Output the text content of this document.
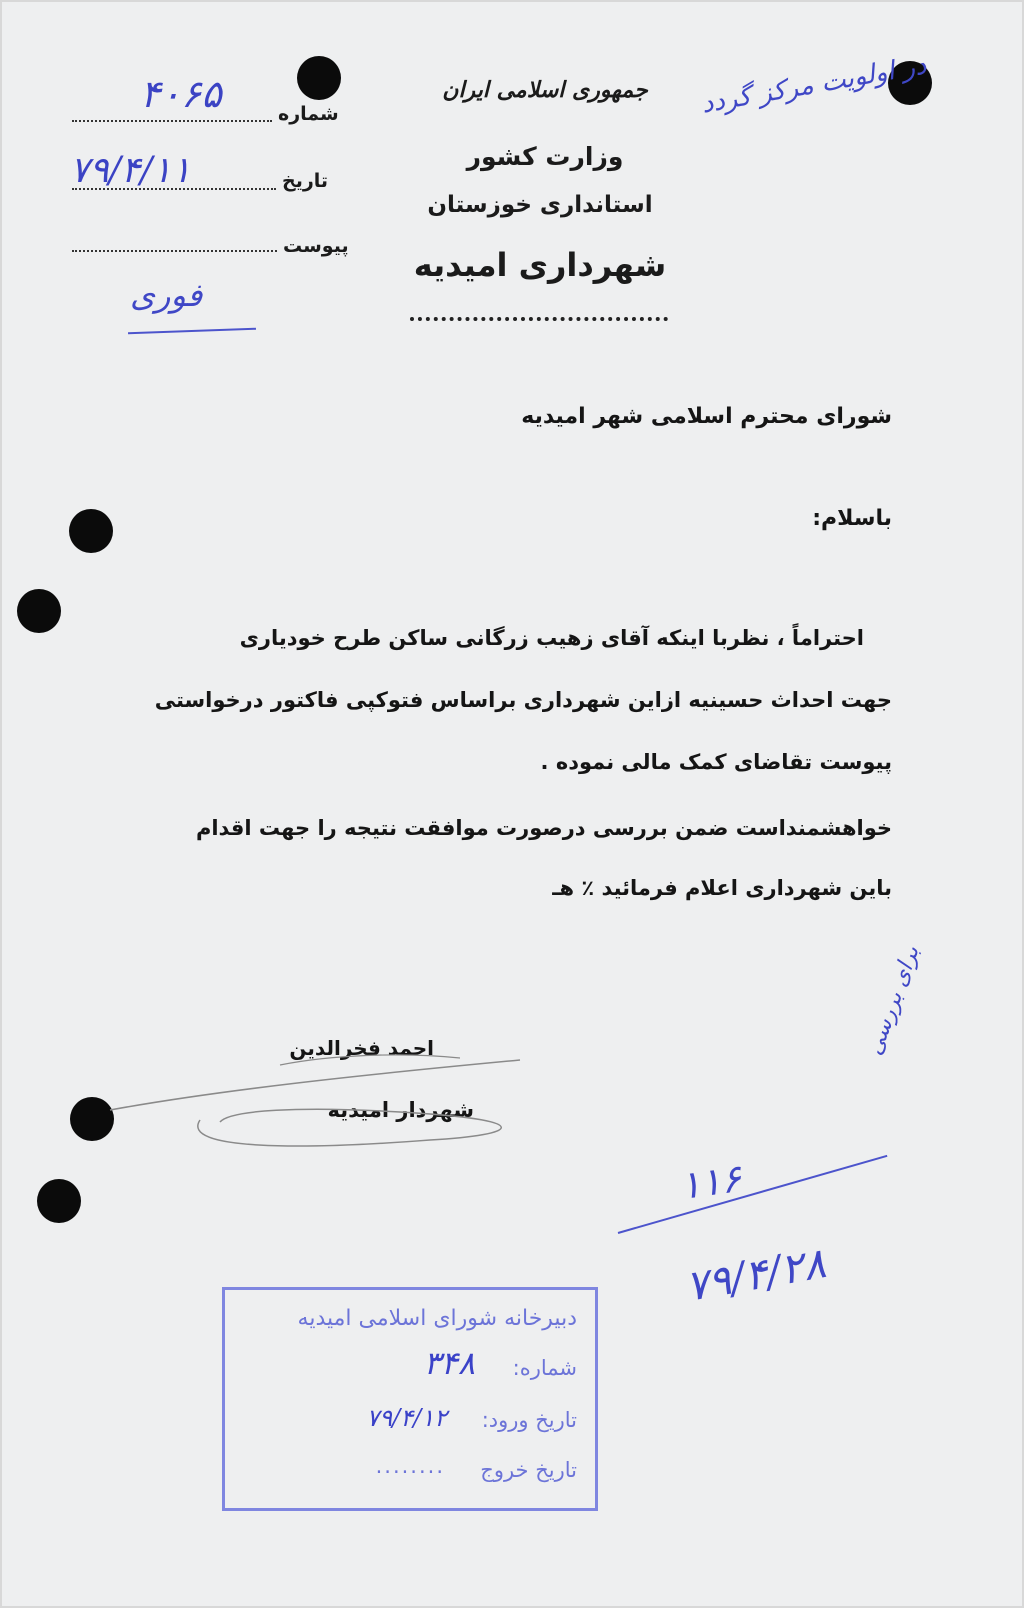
جمهوری اسلامی ایران
وزارت کشور
استانداری خوزستان
شهرداری امیدیه
شماره
۴۰۶۵
تاریخ
۷۹/۴/۱۱
پیوست
فوری
در اولویت مرکز گردد
شورای محترم اسلامی شهر امیدیه
باسلام:
احتراماً ، نظربا اینکه آقای زهیب زرگانی ساکن طرح خودیاری
جهت احداث حسینیه ازاین شهرداری براساس فتوکپی فاکتور درخواستی
پیوست تقاضای کمک مالی نموده .
خواهشمنداست ضمن بررسی درصورت موافقت نتیجه را جهت اقدام
باین شهرداری اعلام فرمائید ٪ هـ
احمد فخرالدین
شهردار امیدیه
برای بررسی
۱۱۶
۷۹/۴/۲۸
دبیرخانه شورای اسلامی امیدیه
شماره:
۳۴۸
تاریخ ورود:
۷۹/۴/۱۲
تاریخ خروج
........
